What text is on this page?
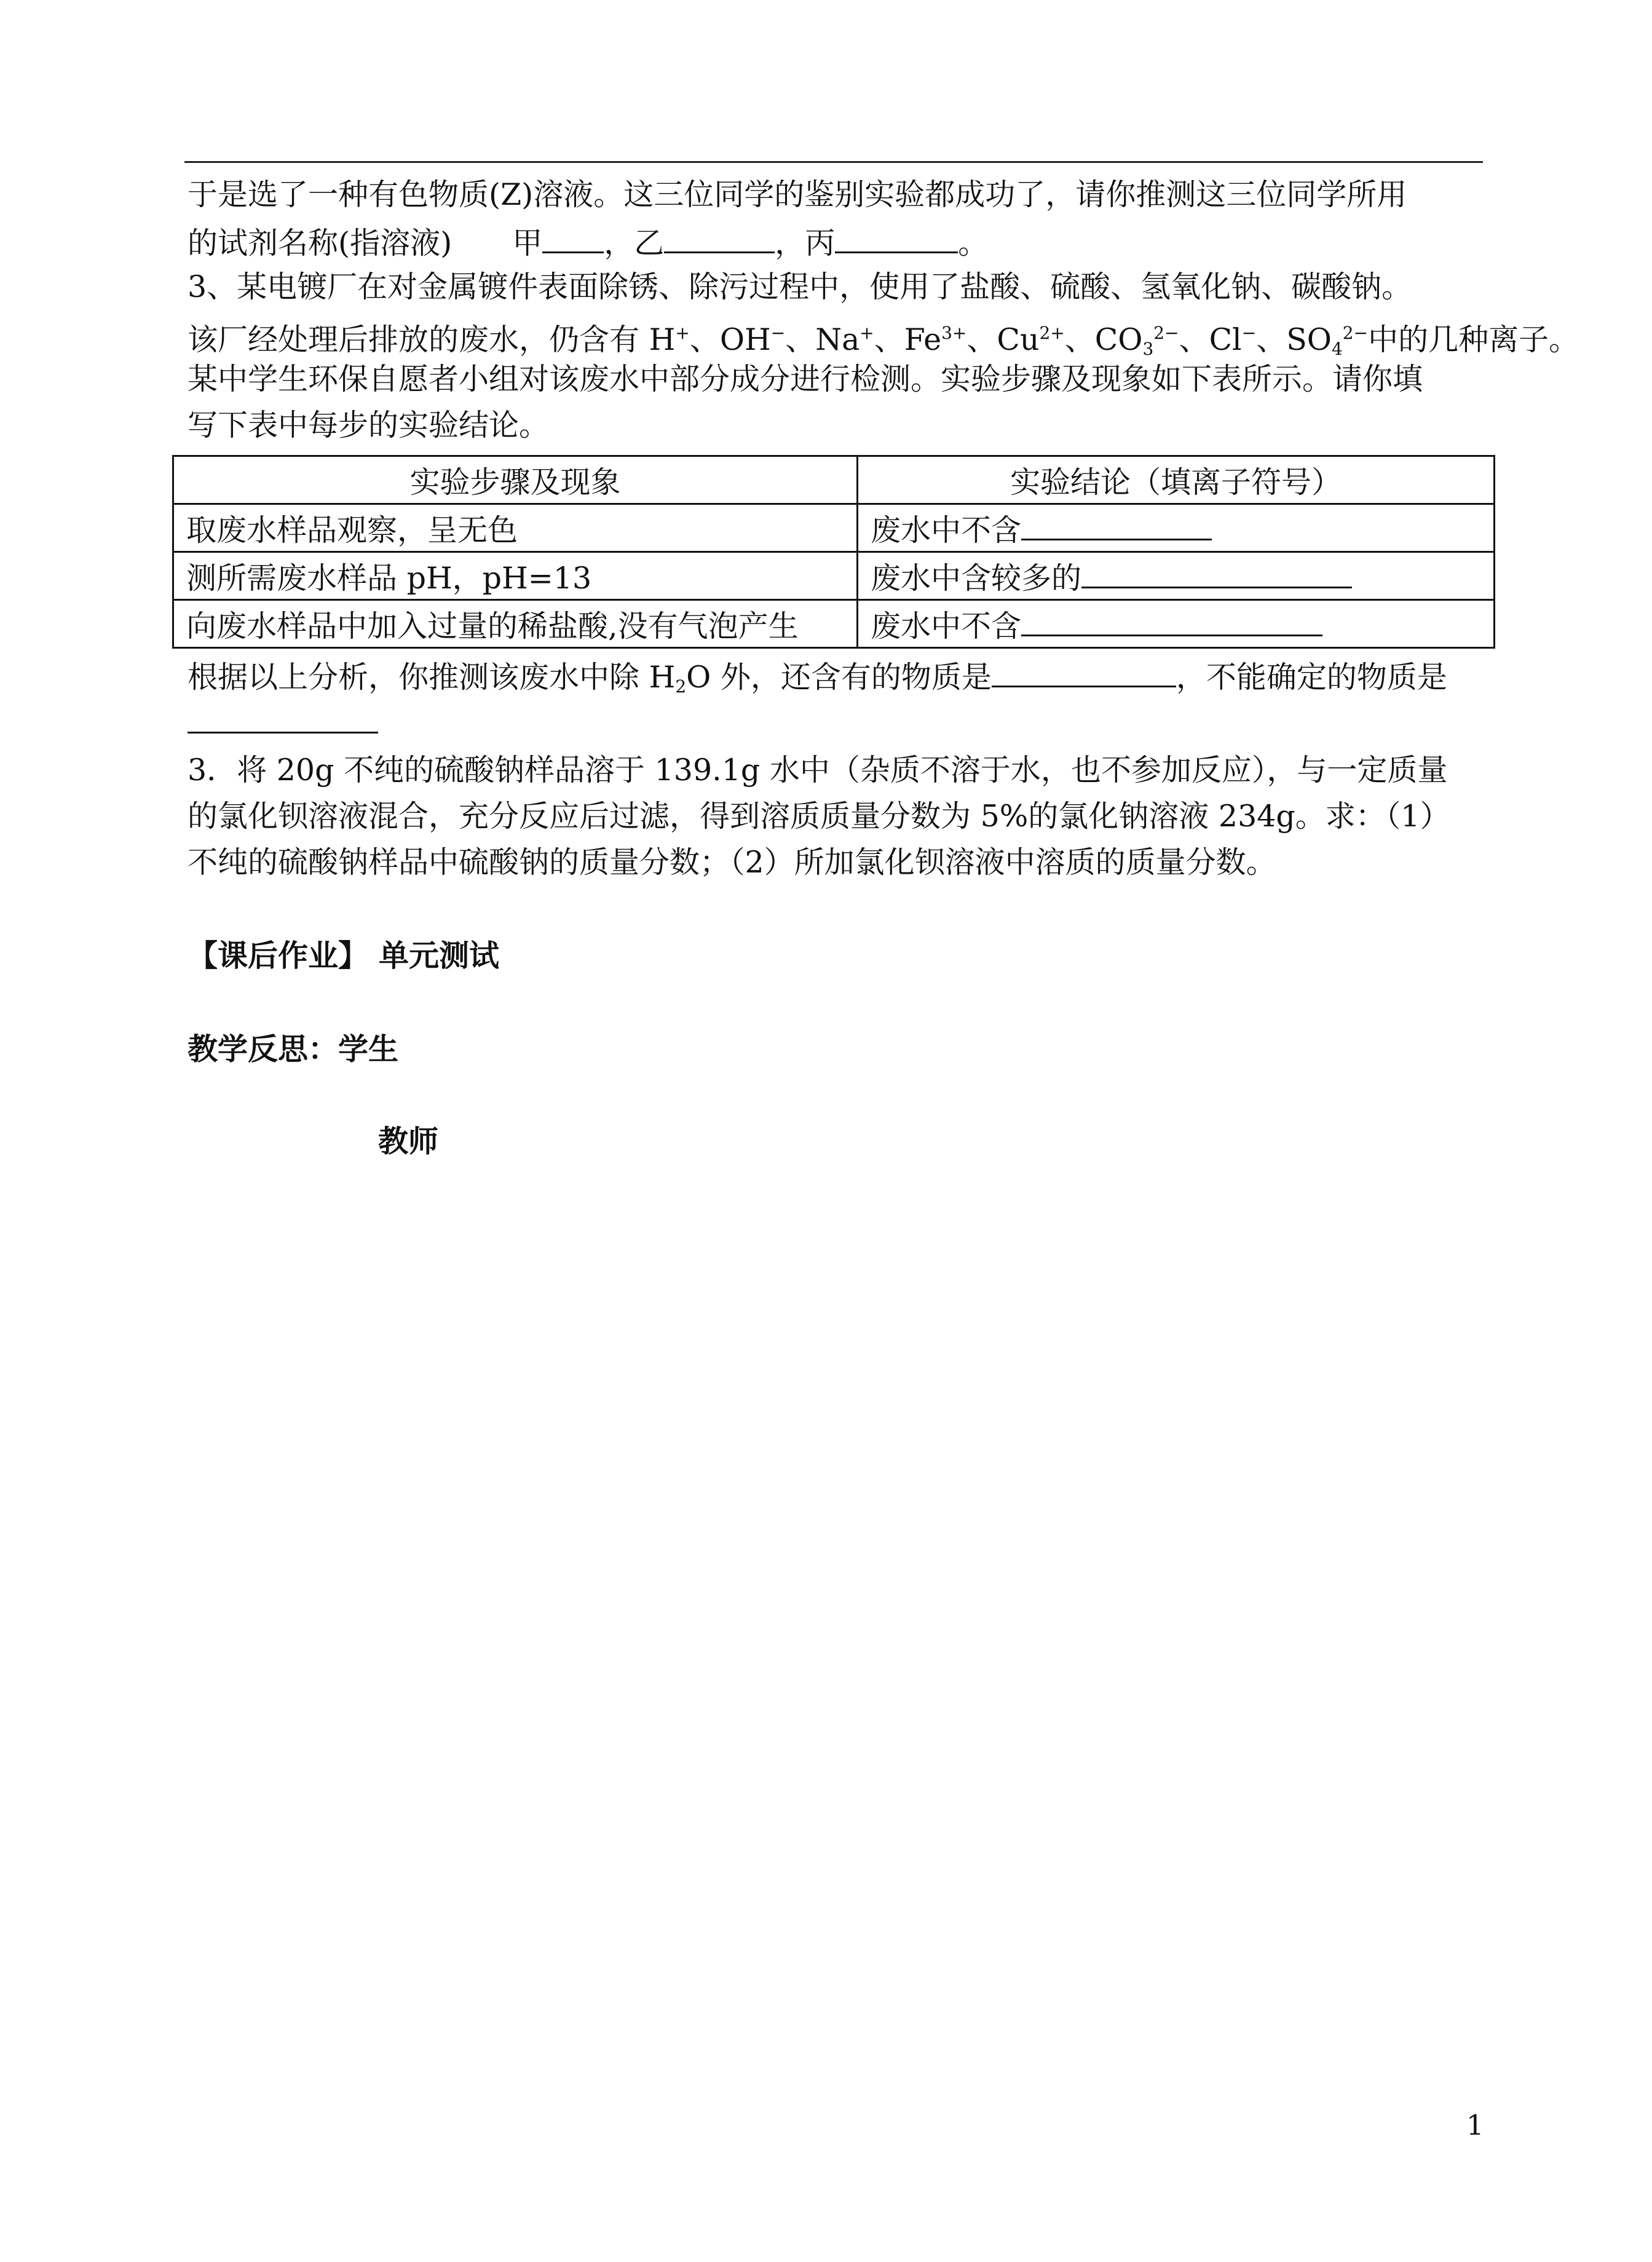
于是选了一种有色物质(Z)溶液。这三位同学的鉴别实验都成功了，请你推测这三位同学所用
的试剂名称(指溶液)　　甲 ，乙	，丙	。
3、某电镀厂在对金属镀件表面除锈、除污过程中，使用了盐酸、硫酸、氢氧化钠、碳酸钠。
该厂经处理后排放的废水，仍含有 H+、OH−、Na+、$Fe^{3+}$、$Cu^{2+}$、$CO_3^{2-}$、Cl−、$SO_4^{2-}$中的几种离子。
某中学生环保自愿者小组对该废水中部分成分进行检测。实验步骤及现象如下表所示。请你填
写下表中每步的实验结论。
实验步骤及现象	实验结论（填离子符号）
取废水样品观察，呈无色	废水中不含
测所需废水样品 pH，pH=13	废水中含较多的
向废水样品中加入过量的稀盐酸,没有气泡产生	废水中不含
根据以上分析，你推测该废水中除 $H_2O$ 外，还含有的物质是	，不能确定的物质是
3．将 20g 不纯的硫酸钠样品溶于 139.1g 水中（杂质不溶于水，也不参加反应），与一定质量
的氯化钡溶液混合，充分反应后过滤，得到溶质质量分数为 5%的氯化钠溶液 234g。求：（1）
不纯的硫酸钠样品中硫酸钠的质量分数；（2）所加氯化钡溶液中溶质的质量分数。
【课后作业】 单元测试
教学反思：学生
教师
1
